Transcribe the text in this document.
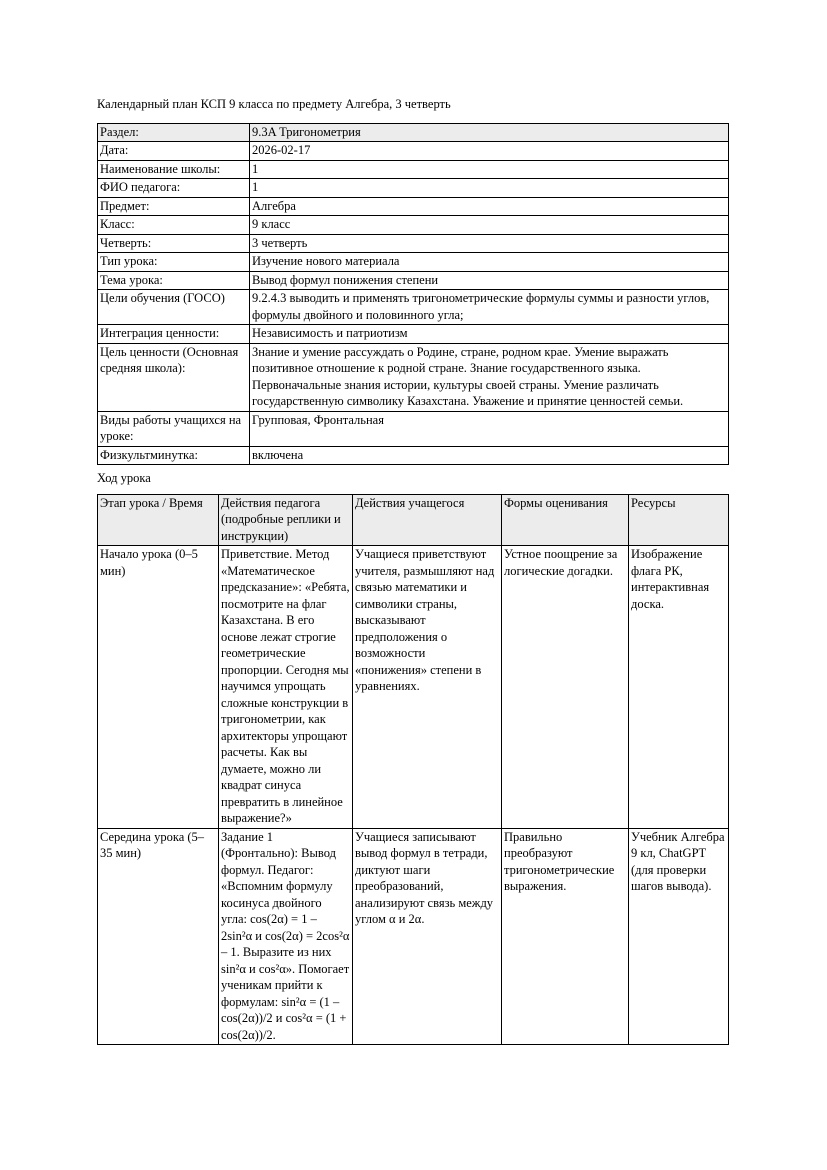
Календарный план КСП 9 класса по предмету Алгебра, 3 четверть

Раздел:	9.3A Тригонометрия
Дата:	2026-02-17
Наименование школы:	1
ФИО педагога:	1
Предмет:	Алгебра
Класс:	9 класс
Четверть:	3 четверть
Тип урока:	Изучение нового материала
Тема урока:	Вывод формул понижения степени
Цели обучения (ГОСО)	9.2.4.3 выводить и применять тригонометрические формулы суммы и разности углов, формулы двойного и половинного угла;
Интеграция ценности:	Независимость и патриотизм
Цель ценности (Основная средняя школа):	Знание и умение рассуждать о Родине, стране, родном крае. Умение выражать позитивное отношение к родной стране. Знание государственного языка. Первоначальные знания истории, культуры своей страны. Умение различать государственную символику Казахстана. Уважение и принятие ценностей семьи.
Виды работы учащихся на уроке:	Групповая, Фронтальная
Физкультминутка:	включена

Ход урока

Этап урока / Время	Действия педагога (подробные реплики и инструкции)	Действия учащегося	Формы оценивания	Ресурсы
Начало урока (0–5 мин)	Приветствие. Метод «Математическое предсказание»: «Ребята, посмотрите на флаг Казахстана. В его основе лежат строгие геометрические пропорции. Сегодня мы научимся упрощать сложные конструкции в тригонометрии, как архитекторы упрощают расчеты. Как вы думаете, можно ли квадрат синуса превратить в линейное выражение?»	Учащиеся приветствуют учителя, размышляют над связью математики и символики страны, высказывают предположения о возможности «понижения» степени в уравнениях.	Устное поощрение за логические догадки.	Изображение флага РК, интерактивная доска.
Середина урока (5–35 мин)	Задание 1 (Фронтально): Вывод формул. Педагог: «Вспомним формулу косинуса двойного угла: cos(2α) = 1 – 2sin²α и cos(2α) = 2cos²α – 1. Выразите из них sin²α и cos²α». Помогает ученикам прийти к формулам: sin²α = (1 – cos(2α))/2 и cos²α = (1 + cos(2α))/2.	Учащиеся записывают вывод формул в тетради, диктуют шаги преобразований, анализируют связь между углом α и 2α.	Правильно преобразуют тригонометрические выражения.	Учебник Алгебра 9 кл, ChatGPT (для проверки шагов вывода).
